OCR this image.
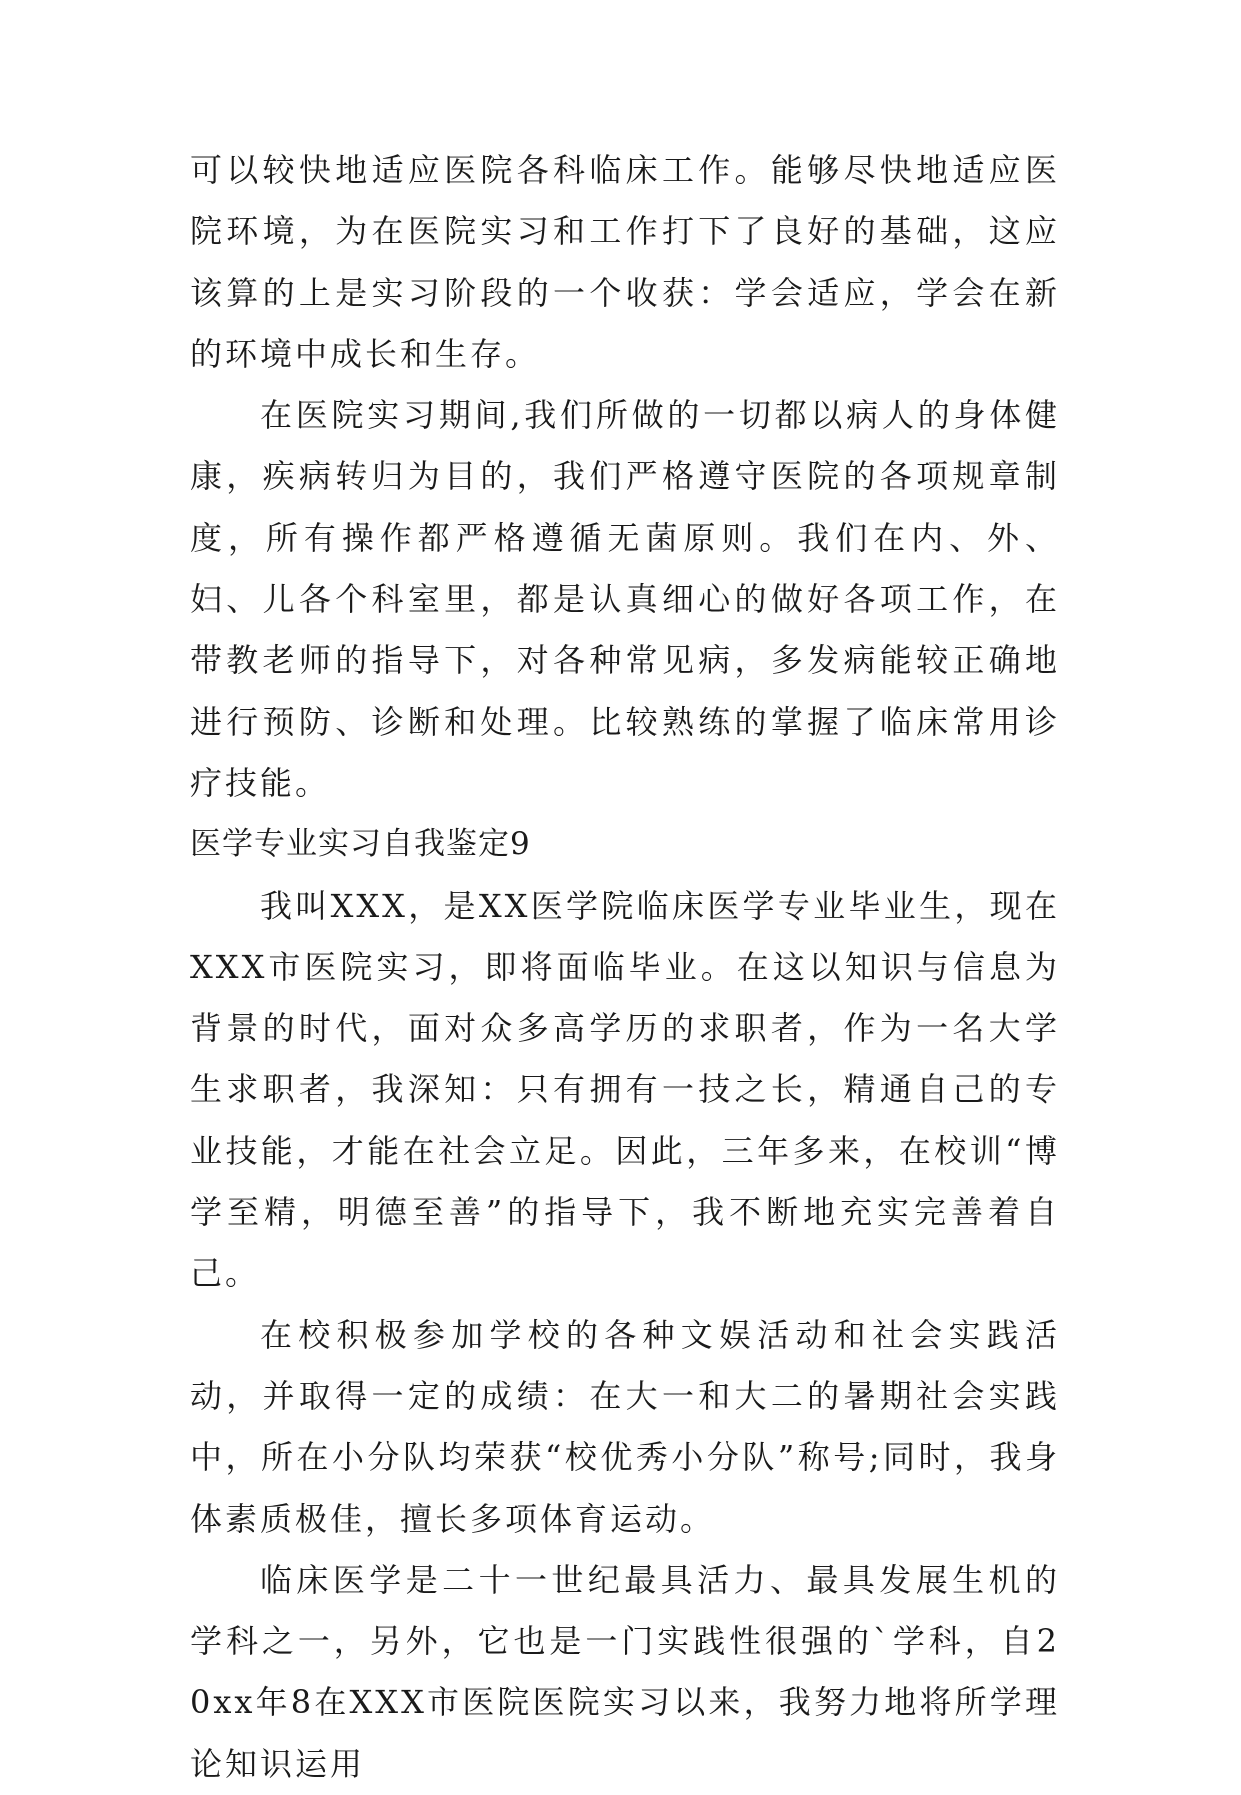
可以较快地适应医院各科临床工作。能够尽快地适应医院环境，为在医院实习和工作打下了良好的基础，这应该算的上是实习阶段的一个收获：学会适应，学会在新的环境中成长和生存。

在医院实习期间,我们所做的一切都以病人的身体健康，疾病转归为目的，我们严格遵守医院的各项规章制度，所有操作都严格遵循无菌原则。我们在内、外、妇、儿各个科室里，都是认真细心的做好各项工作，在带教老师的指导下，对各种常见病，多发病能较正确地进行预防、诊断和处理。比较熟练的掌握了临床常用诊疗技能。

医学专业实习自我鉴定9

我叫XXX，是XX医学院临床医学专业毕业生，现在XXX市医院实习，即将面临毕业。在这以知识与信息为背景的时代，面对众多高学历的求职者，作为一名大学生求职者，我深知：只有拥有一技之长，精通自己的专业技能，才能在社会立足。因此，三年多来，在校训“博学至精，明德至善”的指导下，我不断地充实完善着自己。

在校积极参加学校的各种文娱活动和社会实践活动，并取得一定的成绩：在大一和大二的暑期社会实践中，所在小分队均荣获“校优秀小分队”称号;同时，我身体素质极佳，擅长多项体育运动。

临床医学是二十一世纪最具活力、最具发展生机的学科之一，另外，它也是一门实践性很强的`学科，自20xx年8在XXX市医院医院实习以来，我努力地将所学理论知识运用
